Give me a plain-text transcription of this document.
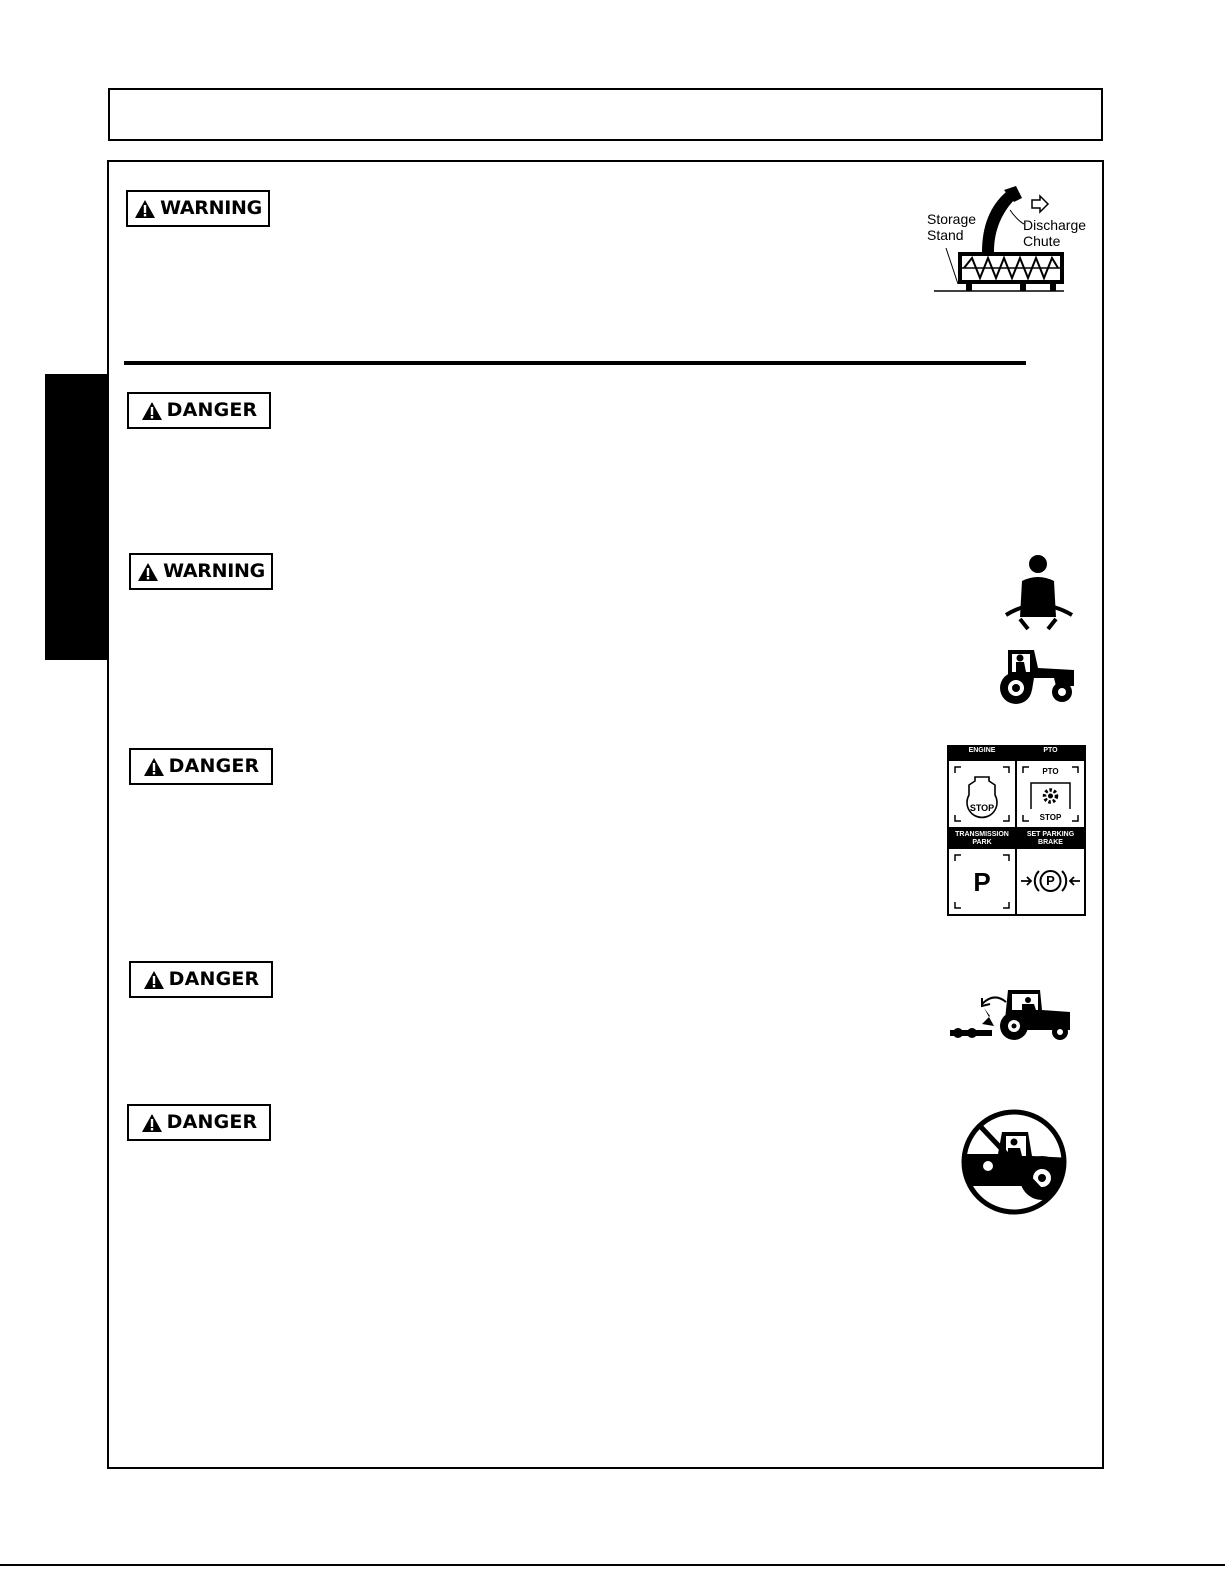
WARNING	Storage
Stand
Discharge
Chute
DANGER
WARNING
DANGER
ENGINE
STOP
PTO
PTO
STOP
TRANSMISSION
PARK
P
SET PARKING
BRAKE
P
DANGER
DANGER
